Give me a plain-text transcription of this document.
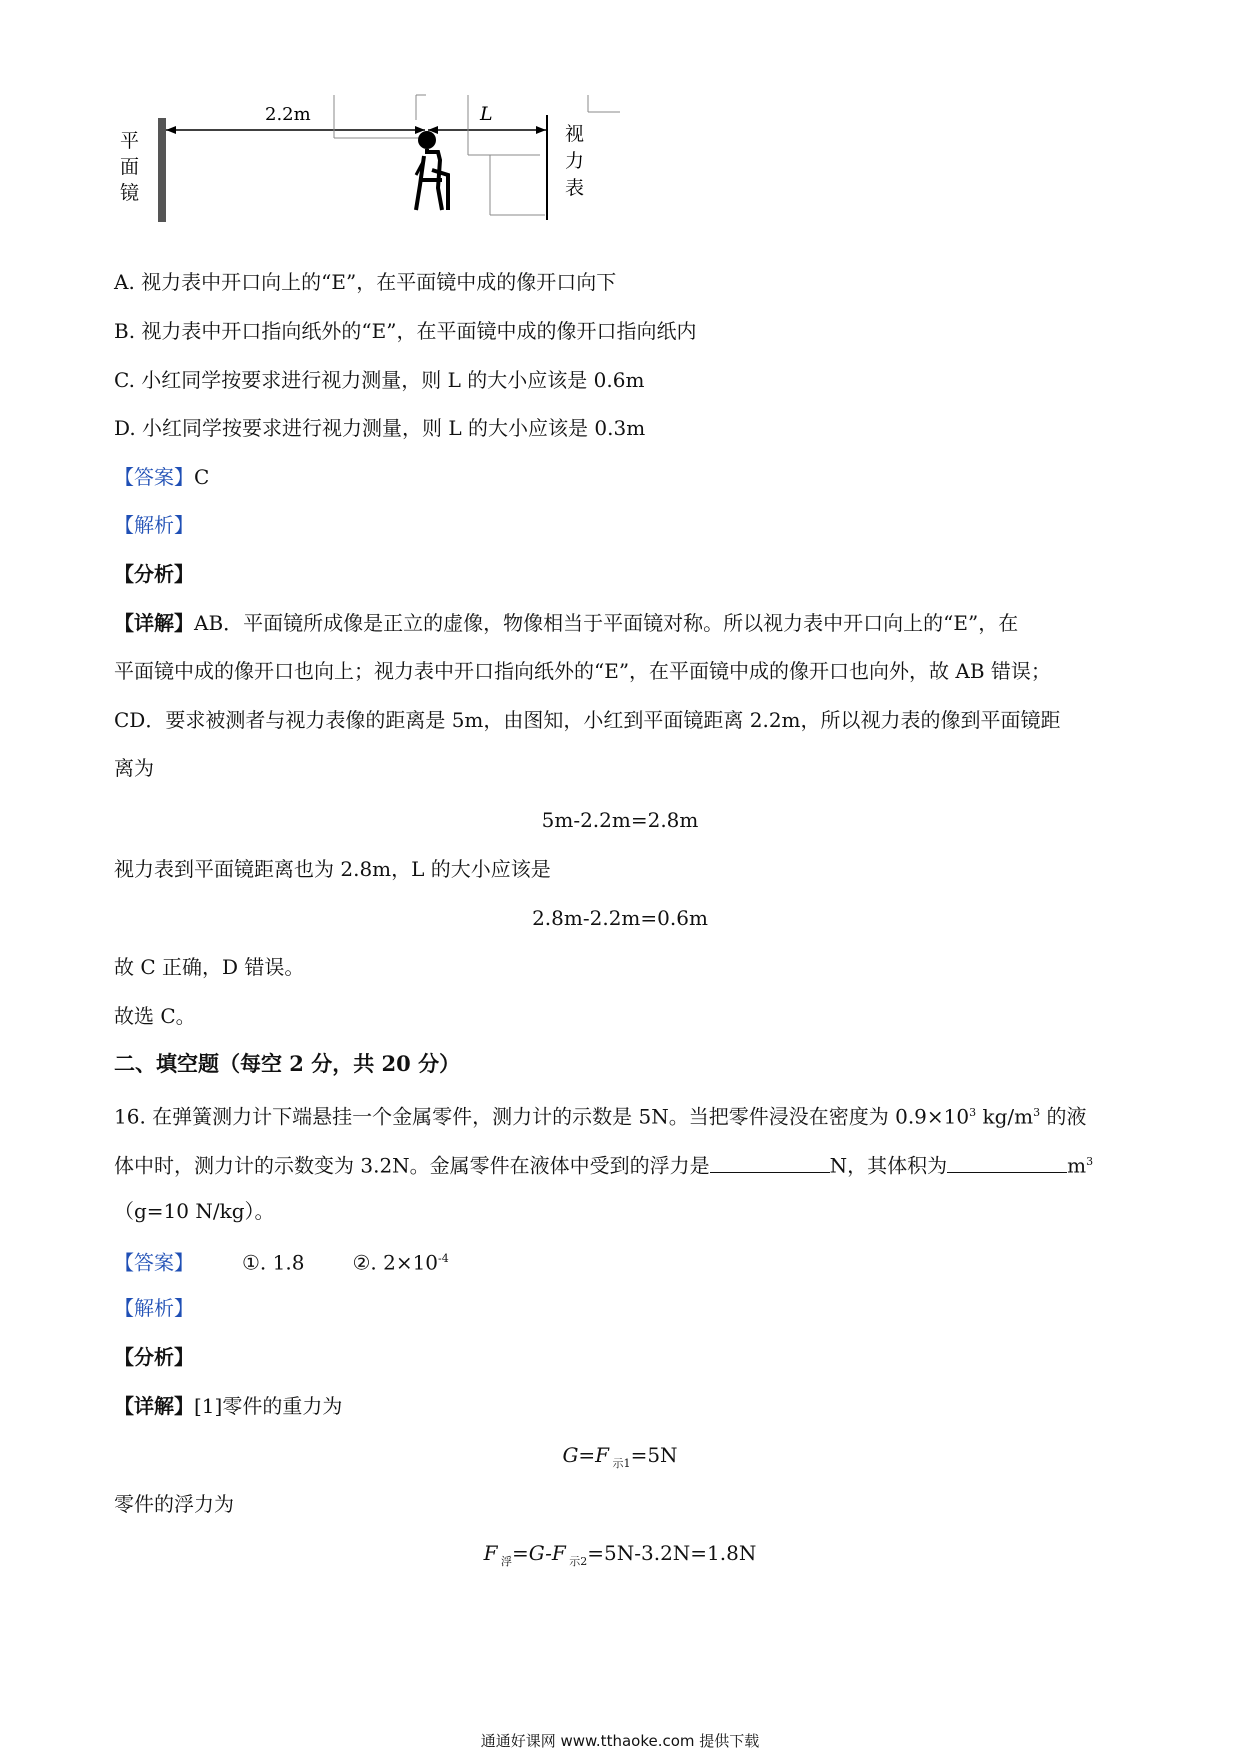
2.2m	L
平
面
镜
视
力
表
A. 视力表中开口向上的“E”，在平面镜中成的像开口向下
B. 视力表中开口指向纸外的“E”，在平面镜中成的像开口指向纸内
C. 小红同学按要求进行视力测量，则 L 的大小应该是 0.6m
D. 小红同学按要求进行视力测量，则 L 的大小应该是 0.3m
【答案】C
【解析】
【分析】
【详解】AB．平面镜所成像是正立的虚像，物像相当于平面镜对称。所以视力表中开口向上的“E”，在
平面镜中成的像开口也向上；视力表中开口指向纸外的“E”，在平面镜中成的像开口也向外，故 AB 错误；
CD．要求被测者与视力表像的距离是 5m，由图知，小红到平面镜距离 2.2m，所以视力表的像到平面镜距
离为
5m-2.2m=2.8m
视力表到平面镜距离也为 2.8m，L 的大小应该是
2.8m-2.2m=0.6m
故 C 正确，D 错误。
故选 C。
二、填空题（每空 2 分，共 20 分）
16. 在弹簧测力计下端悬挂一个金属零件，测力计的示数是 5N。当把零件浸没在密度为 $0.9\times 10^3$ $kg/m^3$ 的液
体中时，测力计的示数变为 3.2N。金属零件在液体中受到的浮力是	N，其体积为	$m^3$
（g=10 N/kg）。
【答案】 ①. 1.8 ②. $2\times 10^{-4}$
【解析】
【分析】
【详解】[1]零件的重力为
G=F $_{示1}$=5N
零件的浮力为
F $_浮$=G-F $_{示2}$=5N-3.2N=1.8N
通通好课网 www.tthaoke.com 提供下载
